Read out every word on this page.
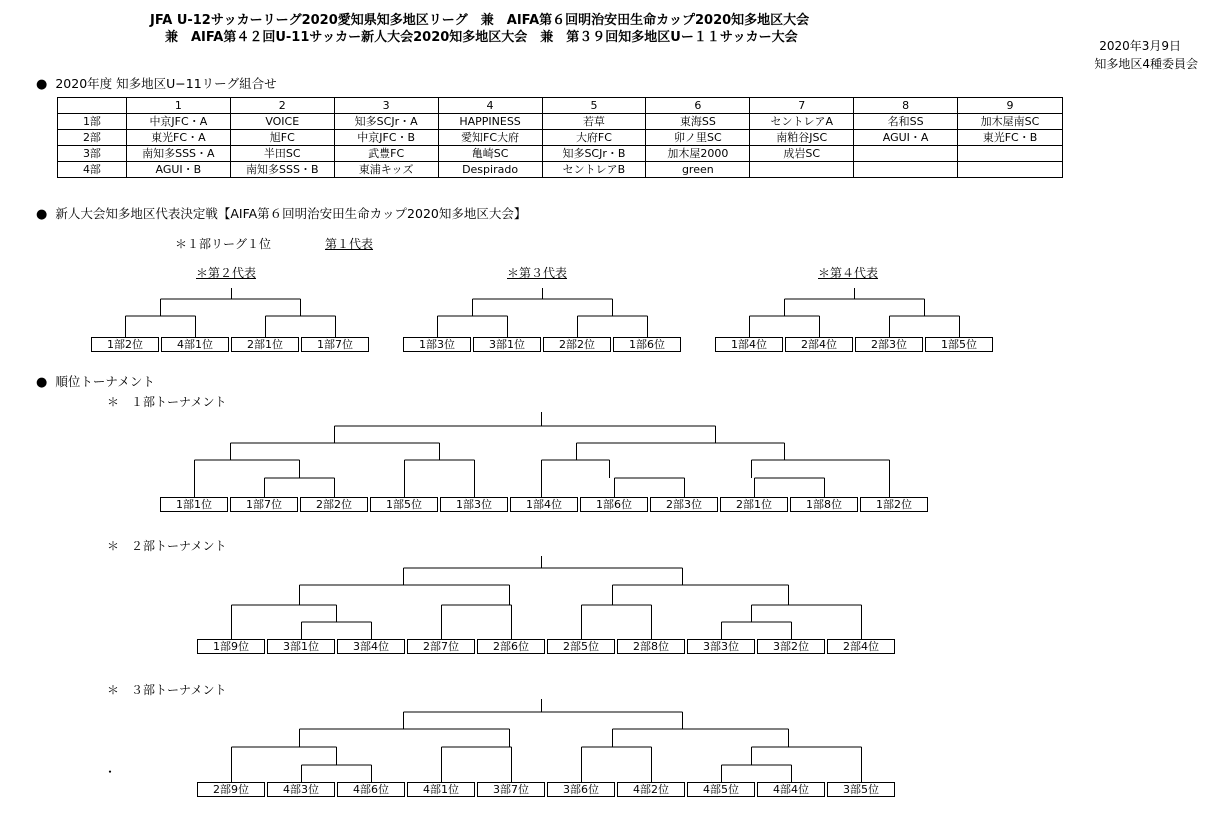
JFA U-12サッカーリーグ2020愛知県知多地区リーグ　兼　AIFA第６回明治安田生命カップ2020知多地区大会
兼　AIFA第４２回U-11サッカー新人大会2020知多地区大会　兼　第３９回知多地区Uー１１サッカー大会
2020年3月9日
知多地区4種委員会
● 2020年度 知多地区U−11リーグ組合せ
	1	2	3	4	5	6	7	8	9
1部	中京JFC・A	VOICE	知多SCJr・A	HAPPINESS	若草	東海SS	セントレアA	名和SS	加木屋南SC
2部	東光FC・A	旭FC	中京JFC・B	愛知FC大府	大府FC	卯ノ里SC	南粕谷JSC	AGUI・A	東光FC・B
3部	南知多SSS・A	半田SC	武豊FC	亀崎SC	知多SCJr・B	加木屋2000	成岩SC		
4部	AGUI・B	南知多SSS・B	東浦キッズ	Despirado	セントレアB	green			
● 新人大会知多地区代表決定戦【AIFA第６回明治安田生命カップ2020知多地区大会】
＊１部リーグ１位	第１代表
＊第２代表	＊第３代表	＊第４代表
1部2位	4部1位	2部1位	1部7位	1部3位	3部1位	2部2位	1部6位	1部4位	2部4位	2部3位	1部5位
● 順位トーナメント
＊　１部トーナメント
＊　２部トーナメント
＊　３部トーナメント
・
1部1位	1部7位	2部2位	1部5位	1部3位	1部4位	1部6位	2部3位	2部1位	1部8位	1部2位
1部9位	3部1位	3部4位	2部7位	2部6位	2部5位	2部8位	3部3位	3部2位	2部4位
2部9位	4部3位	4部6位	4部1位	3部7位	3部6位	4部2位	4部5位	4部4位	3部5位
